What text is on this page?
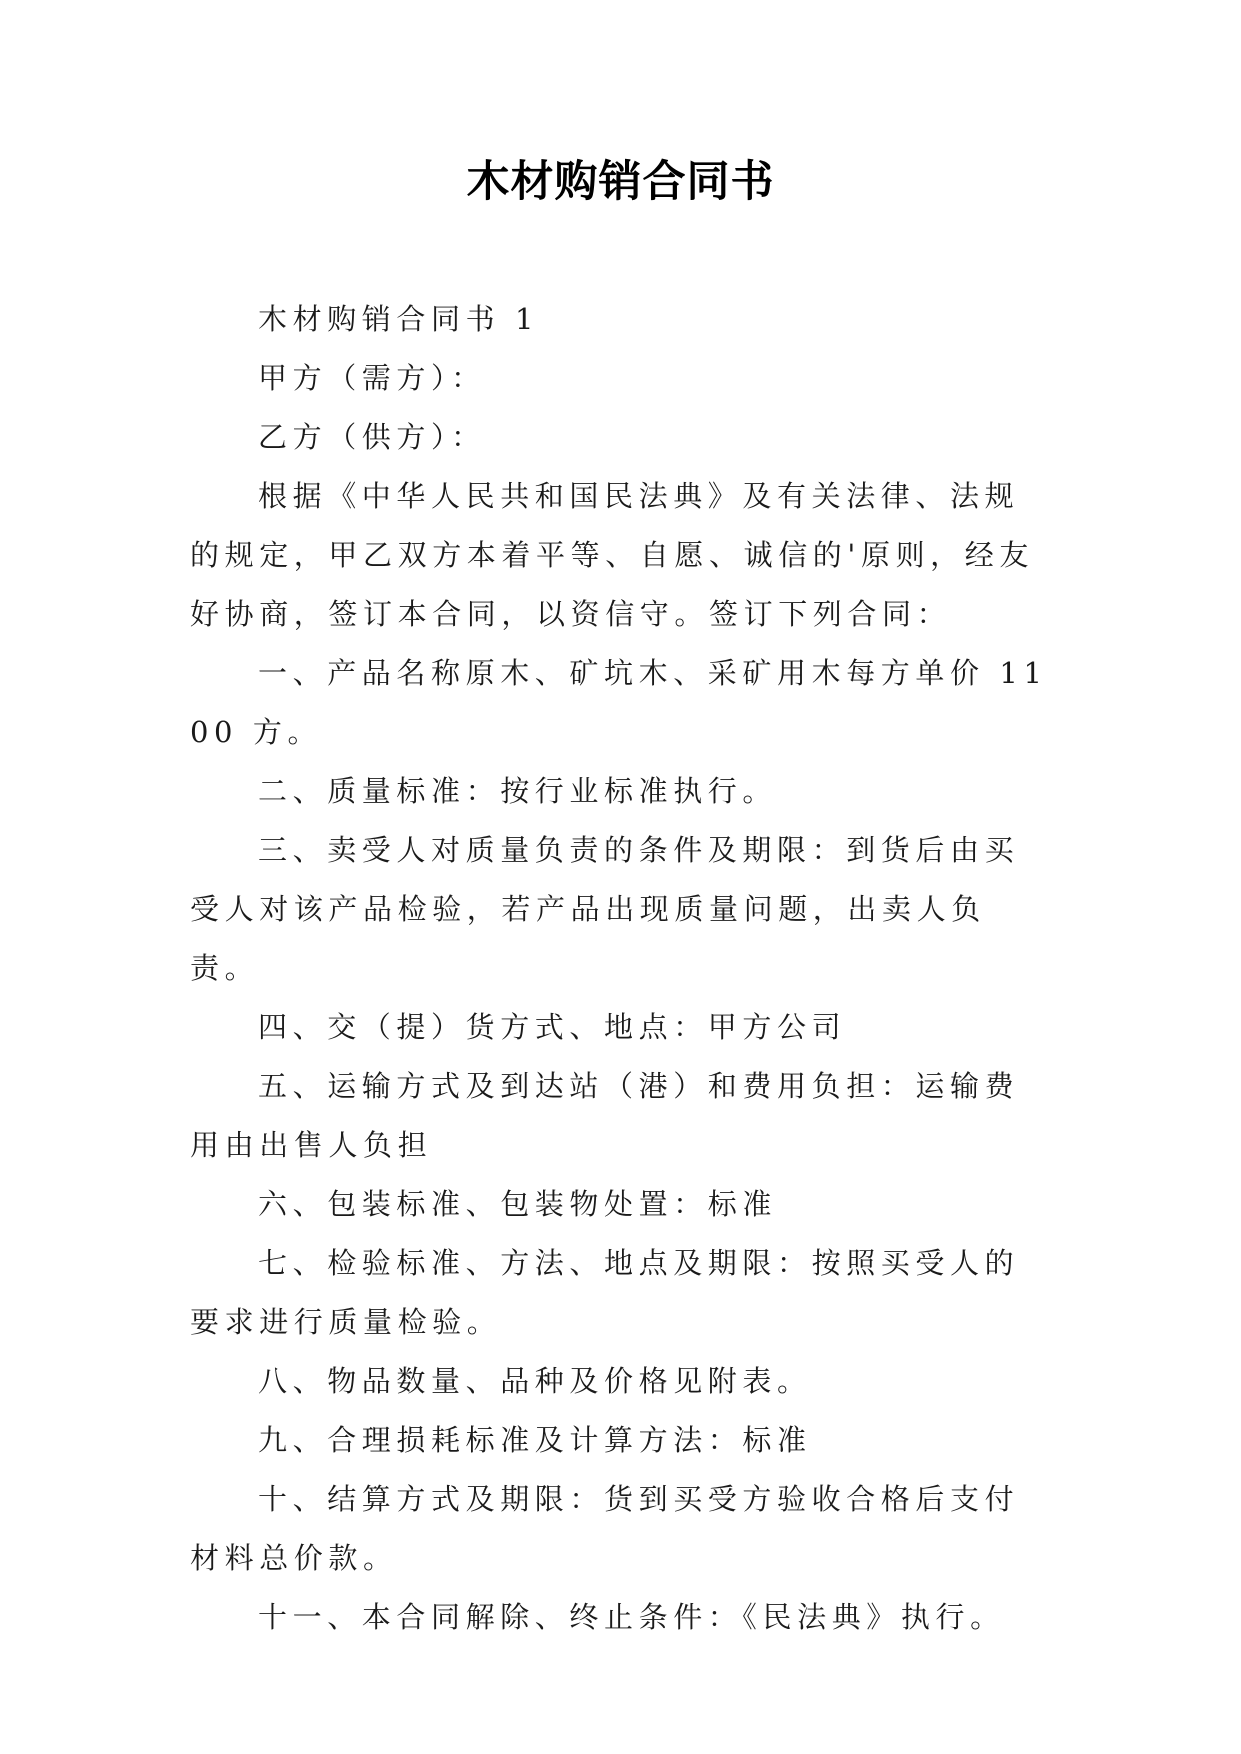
木材购销合同书

木材购销合同书 1

甲方（需方）：

乙方（供方）：

根据《中华人民共和国民法典》及有关法律、法规的规定，甲乙双方本着平等、自愿、诚信的'原则，经友好协商，签订本合同，以资信守。签订下列合同：

一、产品名称原木、矿坑木、采矿用木每方单价 1100 方。

二、质量标准：按行业标准执行。

三、卖受人对质量负责的条件及期限：到货后由买受人对该产品检验，若产品出现质量问题，出卖人负责。

四、交（提）货方式、地点：甲方公司

五、运输方式及到达站（港）和费用负担：运输费用由出售人负担

六、包装标准、包装物处置：标准

七、检验标准、方法、地点及期限：按照买受人的要求进行质量检验。

八、物品数量、品种及价格见附表。

九、合理损耗标准及计算方法：标准

十、结算方式及期限：货到买受方验收合格后支付材料总价款。

十一、本合同解除、终止条件：《民法典》执行。
